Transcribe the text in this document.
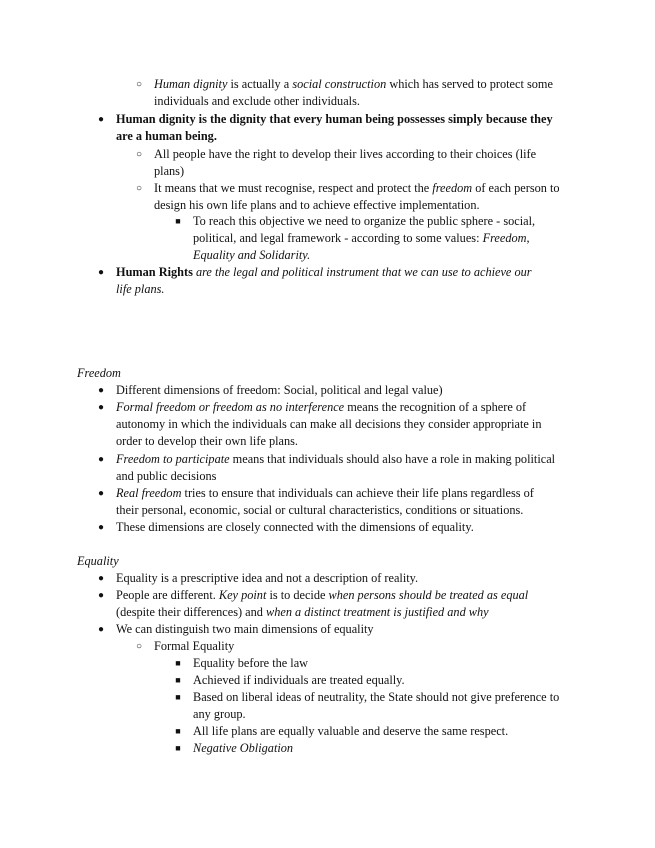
○ Human dignity is actually a social construction which has served to protect some
individuals and exclude other individuals.
● Human dignity is the dignity that every human being possesses simply because they
are a human being.
○ All people have the right to develop their lives according to their choices (life
plans)
○ It means that we must recognise, respect and protect the freedom of each person to
design his own life plans and to achieve effective implementation.
■ To reach this objective we need to organize the public sphere - social,
political, and legal framework - according to some values: Freedom,
Equality and Solidarity.
● Human Rights are the legal and political instrument that we can use to achieve our
life plans.
Freedom
● Different dimensions of freedom: Social, political and legal value)
● Formal freedom or freedom as no interference means the recognition of a sphere of
autonomy in which the individuals can make all decisions they consider appropriate in
order to develop their own life plans.
● Freedom to participate means that individuals should also have a role in making political
and public decisions
● Real freedom tries to ensure that individuals can achieve their life plans regardless of
their personal, economic, social or cultural characteristics, conditions or situations.
● These dimensions are closely connected with the dimensions of equality.
Equality
● Equality is a prescriptive idea and not a description of reality.
● People are different. Key point is to decide when persons should be treated as equal
(despite their differences) and when a distinct treatment is justified and why
● We can distinguish two main dimensions of equality
○ Formal Equality
■ Equality before the law
■ Achieved if individuals are treated equally.
■ Based on liberal ideas of neutrality, the State should not give preference to
any group.
■ All life plans are equally valuable and deserve the same respect.
■ Negative Obligation
